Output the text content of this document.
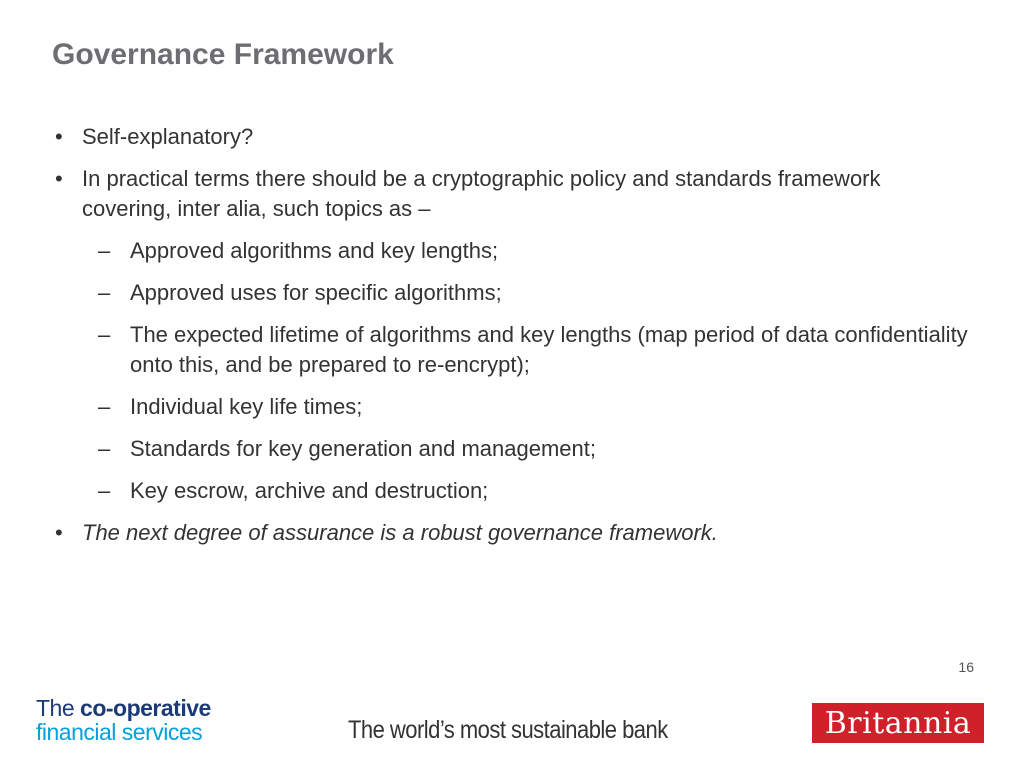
Governance Framework
• Self-explanatory?
• In practical terms there should be a cryptographic policy and standards framework covering, inter alia, such topics as –
– Approved algorithms and key lengths;
– Approved uses for specific algorithms;
– The expected lifetime of algorithms and key lengths (map period of data confidentiality onto this, and be prepared to re-encrypt);
– Individual key life times;
– Standards for key generation and management;
– Key escrow, archive and destruction;
• The next degree of assurance is a robust governance framework.
16
The co-operative
financial services	The world’s most sustainable bank	Britannia
